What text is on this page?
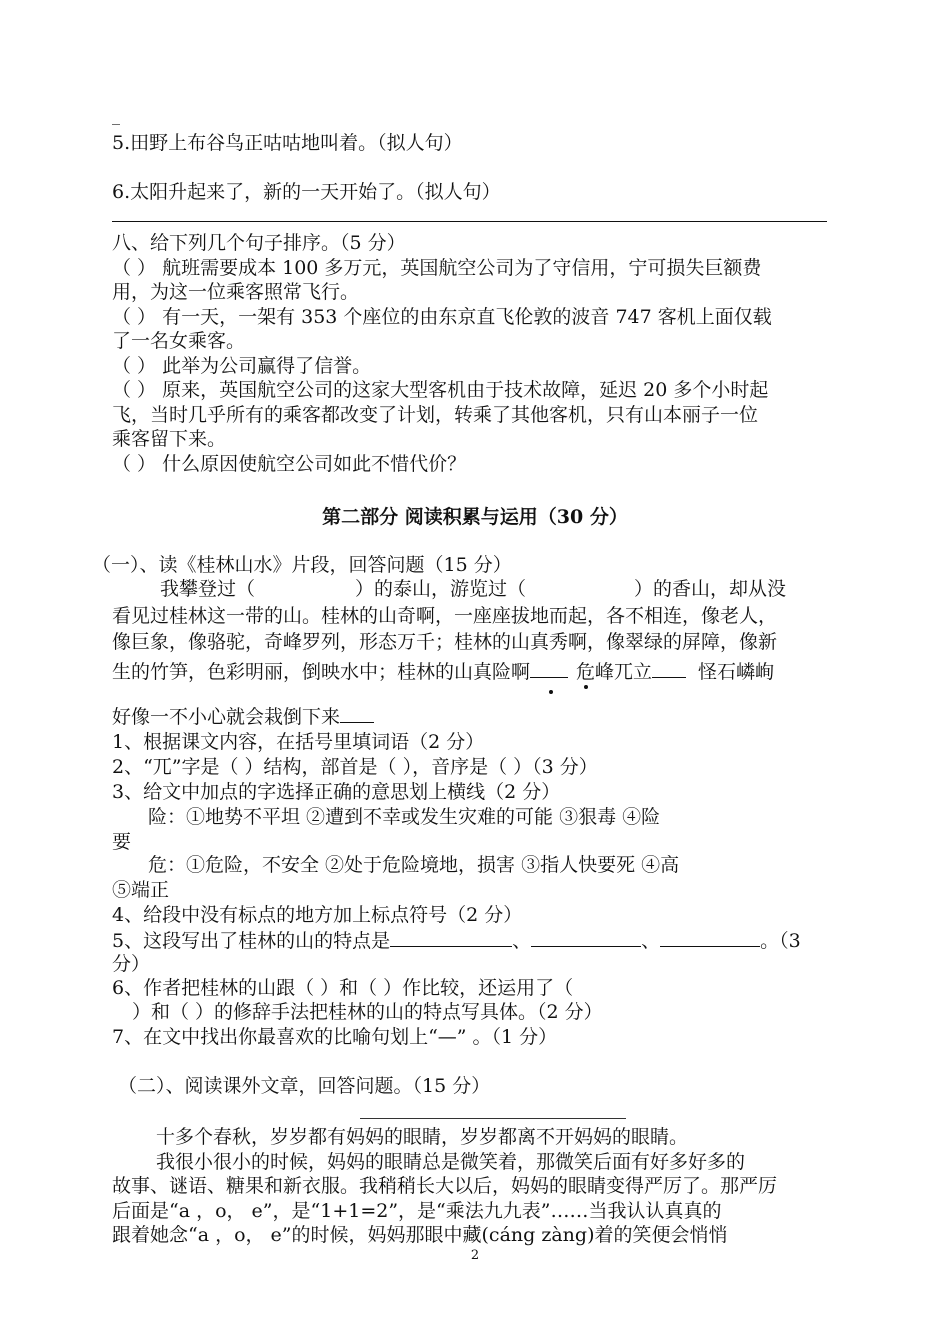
_
5.田野上布谷鸟正咕咕地叫着。（拟人句）
6.太阳升起来了，新的一天开始了。（拟人句）
八、给下列几个句子排序。（5 分）
（ ） 航班需要成本 100 多万元，英国航空公司为了守信用，宁可损失巨额费
用，为这一位乘客照常飞行。
（ ） 有一天，一架有 353 个座位的由东京直飞伦敦的波音 747 客机上面仅载
了一名女乘客。
（ ） 此举为公司赢得了信誉。
（ ） 原来，英国航空公司的这家大型客机由于技术故障，延迟 20 多个小时起
飞，当时几乎所有的乘客都改变了计划，转乘了其他客机，只有山本丽子一位
乘客留下来。
（ ） 什么原因使航空公司如此不惜代价？
第二部分 阅读积累与运用（30 分）
（一）、读《桂林山水》片段，回答问题（15 分）
我攀登过（	）的泰山，游览过（	）的香山，却从没
看见过桂林这一带的山。桂林的山奇啊，一座座拔地而起，各不相连，像老人，
像巨象，像骆驼，奇峰罗列，形态万千；桂林的山真秀啊，像翠绿的屏障，像新
生的竹笋，色彩明丽，倒映水中；桂林的山真险啊 危峰兀立 怪石嶙峋
好像一不小心就会栽倒下来
1、根据课文内容，在括号里填词语（2 分）
2、“兀”字是（ ）结构，部首是（ ），音序是（ ）（3 分）
3、给文中加点的字选择正确的意思划上横线（2 分）
险：①地势不平坦 ②遭到不幸或发生灾难的可能 ③狠毒 ④险
要
危：①危险，不安全 ②处于危险境地，损害 ③指人快要死 ④高
⑤端正
4、给段中没有标点的地方加上标点符号（2 分）
5、这段写出了桂林的山的特点是	、	、	。（3
分）
6、作者把桂林的山跟（ ）和（ ）作比较，还运用了（
）和（ ）的修辞手法把桂林的山的特点写具体。（2 分）
7、在文中找出你最喜欢的比喻句划上“—” 。（1 分）
（二）、阅读课外文章，回答问题。（15 分）
十多个春秋，岁岁都有妈妈的眼睛，岁岁都离不开妈妈的眼睛。
我很小很小的时候，妈妈的眼睛总是微笑着，那微笑后面有好多好多的
故事、谜语、糖果和新衣服。我稍稍长大以后，妈妈的眼睛变得严厉了。那严厉
后面是“a ，o， e”，是“1+1=2”，是“乘法九九表”……当我认认真真的
跟着她念“a ，o， e”的时候，妈妈那眼中藏(cáng zàng)着的笑便会悄悄
2
